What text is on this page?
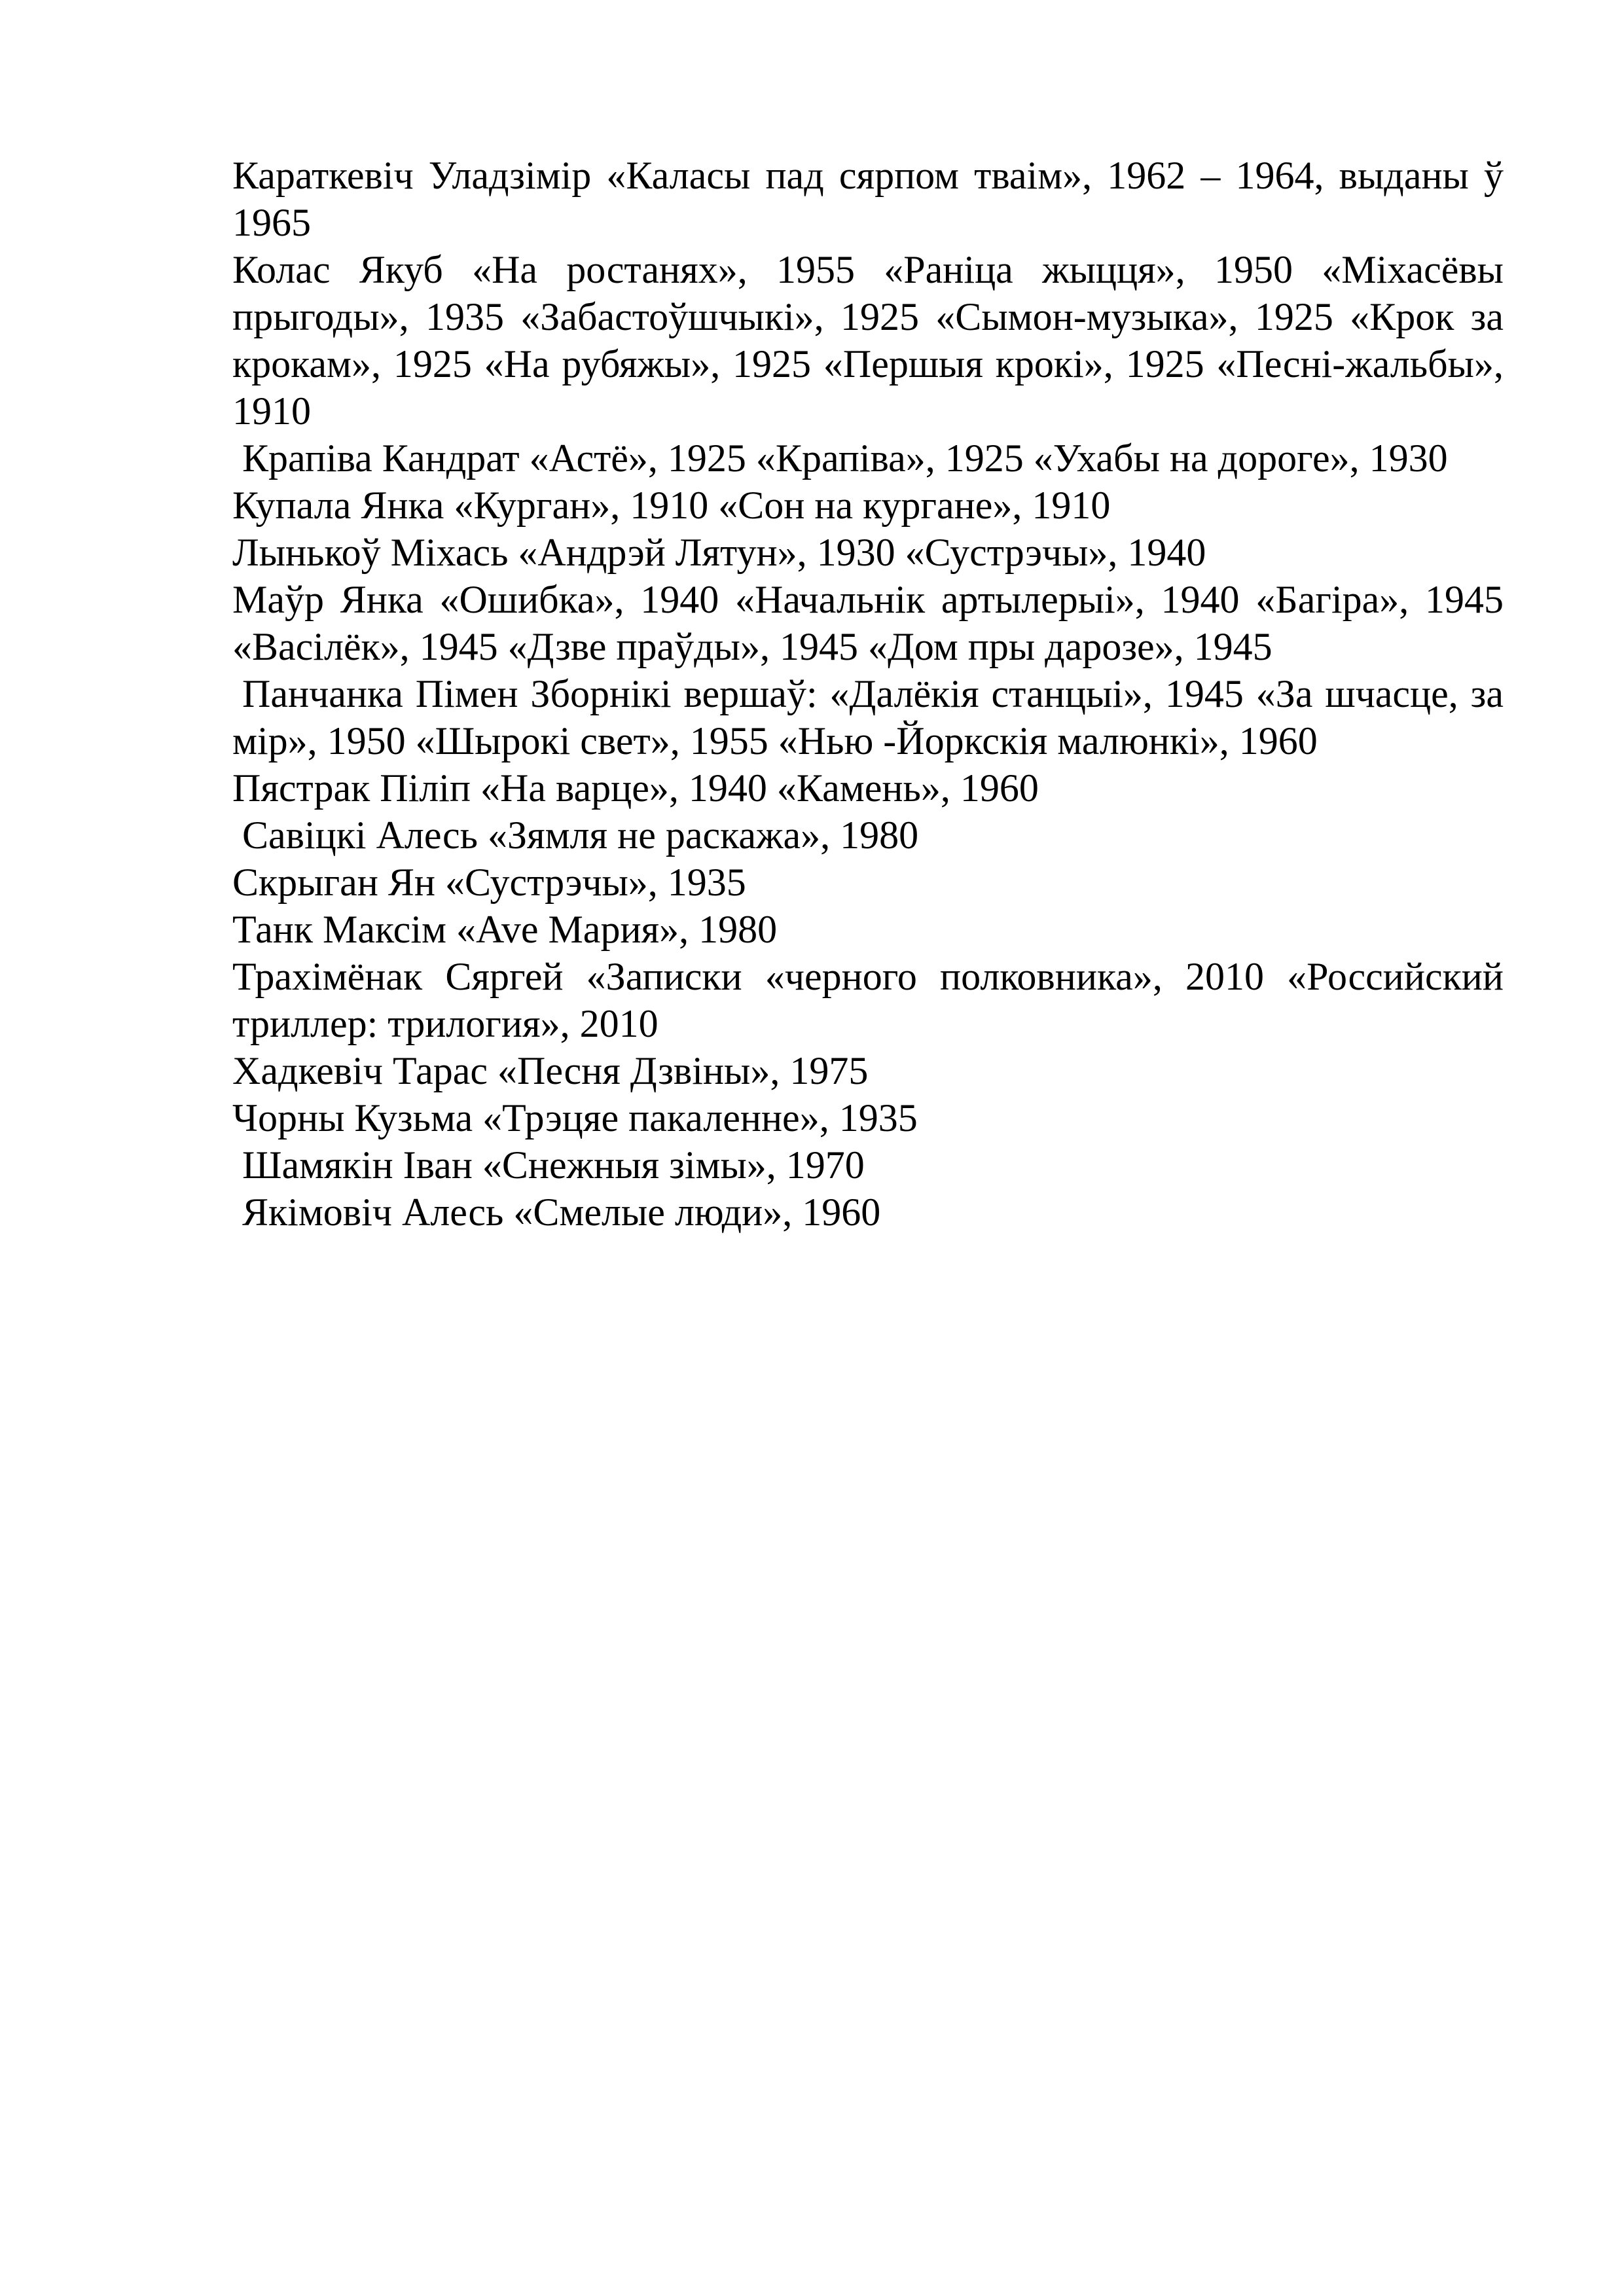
Караткевіч Уладзімір «Каласы пад сярпом тваім», 1962 – 1964, выданы ў 1965

Колас Якуб «На ростанях», 1955 «Раніца жыцця», 1950 «Міхасёвы прыгоды», 1935 «Забастоўшчыкі», 1925 «Сымон-музыка», 1925 «Крок за крокам», 1925 «На рубяжы», 1925 «Першыя крокі», 1925 «Песні-жальбы», 1910

Крапіва Кандрат «Астё», 1925 «Крапіва», 1925 «Ухабы на дороге», 1930

Купала Янка «Курган», 1910 «Сон на кургане», 1910

Лынькоў Міхась «Андрэй Лятун», 1930 «Сустрэчы», 1940

Маўр Янка «Ошибка», 1940 «Начальнік артылерыі», 1940 «Багіра», 1945 «Васілёк», 1945 «Дзве праўды», 1945 «Дом пры дарозе», 1945

Панчанка Пімен Зборнікі вершаў: «Далёкія станцыі», 1945 «За шчасце, за мір», 1950 «Шырокі свет», 1955 «Нью -Йоркскія малюнкі», 1960

Пястрак Пiлiп «На варце», 1940 «Камень», 1960

Савіцкі Алесь «Зямля не раскажа», 1980

Скрыган Ян «Сустрэчы», 1935

Танк Максім «Ave Мария», 1980

Трахімёнак Сяргей «Записки «черного полковника», 2010 «Российский триллер: трилогия», 2010

Хадкевіч Тарас «Песня Дзвіны», 1975

Чорны Кузьма «Трэцяе пакаленне», 1935

Шамякін Іван «Снежныя зімы», 1970

Якімовіч Алесь «Смелые люди», 1960
